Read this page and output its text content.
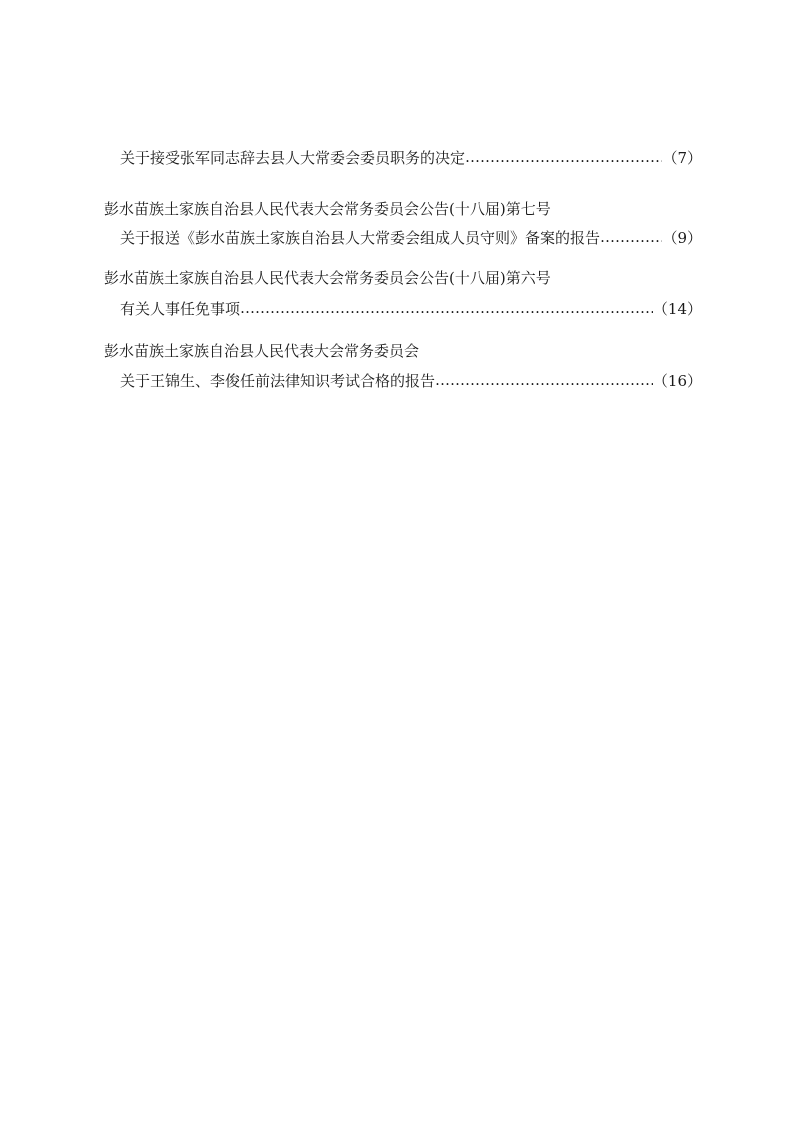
关于接受张军同志辞去县人大常委会委员职务的决定 …………………………………………………………………………………………………………………………………………………………………………………………	（7）
彭水苗族土家族自治县人民代表大会常务委员会公告(十八届)第七号
关于报送《彭水苗族土家族自治县人大常委会组成人员守则》备案的报告 …………………………………………………………………………………………………………………………………………………………………………………………	（9）
彭水苗族土家族自治县人民代表大会常务委员会公告(十八届)第六号
有关人事任免事项 …………………………………………………………………………………………………………………………………………………………………………………………	（14）
彭水苗族土家族自治县人民代表大会常务委员会
关于王锦生、李俊任前法律知识考试合格的报告 …………………………………………………………………………………………………………………………………………………………………………………………	（16）
